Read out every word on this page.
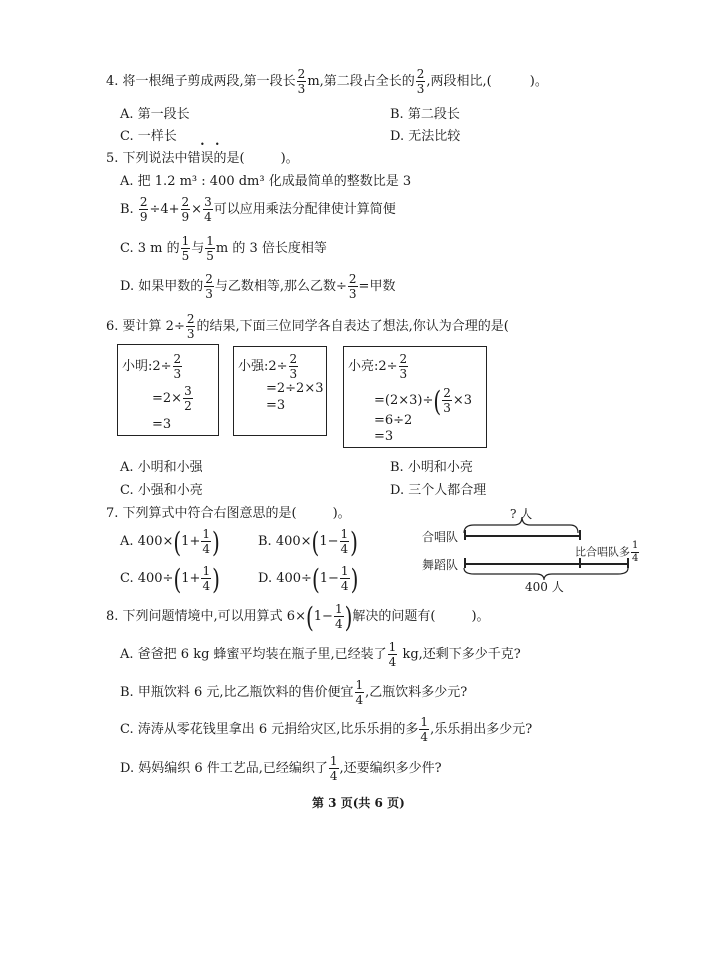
4. 将一根绳子剪成两段,第一段长 $\frac{2}{3} m$,第二段占全长的 $\frac{2}{3}$ ,两段相比,(	)。
A. 第一段长	B. 第二段长
C. 一样长	D. 无法比较
5. 下列说法中错误的是(	)。
•    •
A. 把 1.2 m³ : 400 dm³ 化成最简单的整数比是 3
B. $\frac{2}{9} \div 4+ \frac{2}{9} \times \frac{3}{4}$ 可以应用乘法分配律使计算简便
C. 3 m 的 $\frac{1}{5}$ 与 $\frac{1}{5}$ m 的 3 倍长度相等
D. 如果甲数的 $\frac{2}{3}$ 与乙数相等,那么乙数÷ $\frac{2}{3}$ =甲数
6. 要计算 $2\div \frac{2}{3}$ 的结果,下面三位同学各自表达了想法,你认为合理的是(
小明:2÷ $\frac{2}{3}$
$=2\times \frac{3}{2}$
=3
小强:2÷ $\frac{2}{3}$
=2÷2×3
=3
小亮:2÷ $\frac{2}{3}$
$=(2\times 3)\div( \frac{2}{3} \times 3$
=6÷2
=3
A. 小明和小强	B. 小明和小亮
C. 小强和小亮	D. 三个人都合理
7. 下列算式中符合右图意思的是(	)。
A. $400\times(1+ \frac{1}{4}$ )	B. $400\times(1- \frac{1}{4}$ )
C. $400\div(1+ \frac{1}{4}$ )	D. $400\div(1- \frac{1}{4}$ )
? 人
合唱队
比合唱队多 $\frac{1}{4}$
舞蹈队
400 人
8. 下列问题情境中,可以用算式 $6\times(1- \frac{1}{4}$ )解决的问题有(	)。
A. 爸爸把 6 kg 蜂蜜平均装在瓶子里,已经装了 $\frac{1}{4}$ kg,还剩下多少千克?
B. 甲瓶饮料 6 元,比乙瓶饮料的售价便宜 $\frac{1}{4}$ ,乙瓶饮料多少元?
C. 涛涛从零花钱里拿出 6 元捐给灾区,比乐乐捐的多 $\frac{1}{4}$ ,乐乐捐出多少元?
D. 妈妈编织 6 件工艺品,已经编织了 $\frac{1}{4}$ ,还要编织多少件?
第 3 页(共 6 页)
